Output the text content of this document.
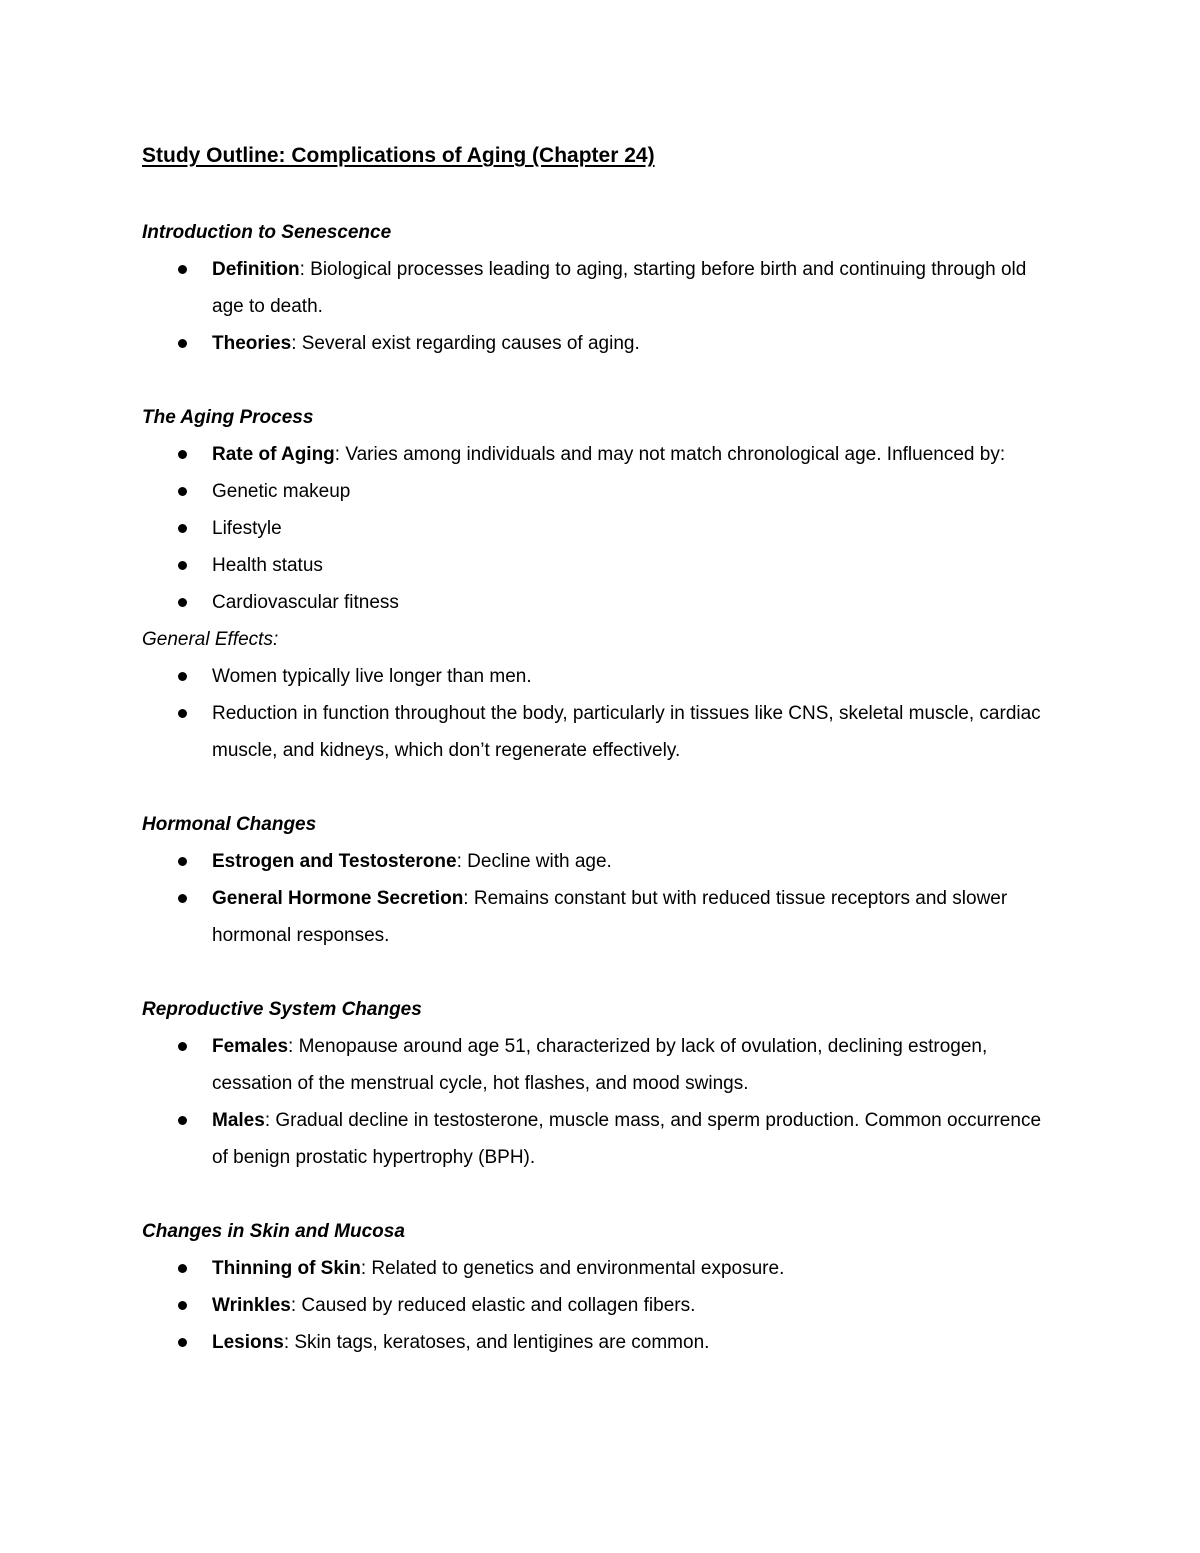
Study Outline: Complications of Aging (Chapter 24)
Introduction to Senescence
Definition: Biological processes leading to aging, starting before birth and continuing through old age to death.
Theories: Several exist regarding causes of aging.
The Aging Process
Rate of Aging: Varies among individuals and may not match chronological age. Influenced by:
Genetic makeup
Lifestyle
Health status
Cardiovascular fitness

General Effects:

Women typically live longer than men.
Reduction in function throughout the body, particularly in tissues like CNS, skeletal muscle, cardiac muscle, and kidneys, which don’t regenerate effectively.
Hormonal Changes
Estrogen and Testosterone: Decline with age.
General Hormone Secretion: Remains constant but with reduced tissue receptors and slower hormonal responses.
Reproductive System Changes
Females: Menopause around age 51, characterized by lack of ovulation, declining estrogen, cessation of the menstrual cycle, hot flashes, and mood swings.
Males: Gradual decline in testosterone, muscle mass, and sperm production. Common occurrence of benign prostatic hypertrophy (BPH).
Changes in Skin and Mucosa
Thinning of Skin: Related to genetics and environmental exposure.
Wrinkles: Caused by reduced elastic and collagen fibers.
Lesions: Skin tags, keratoses, and lentigines are common.
